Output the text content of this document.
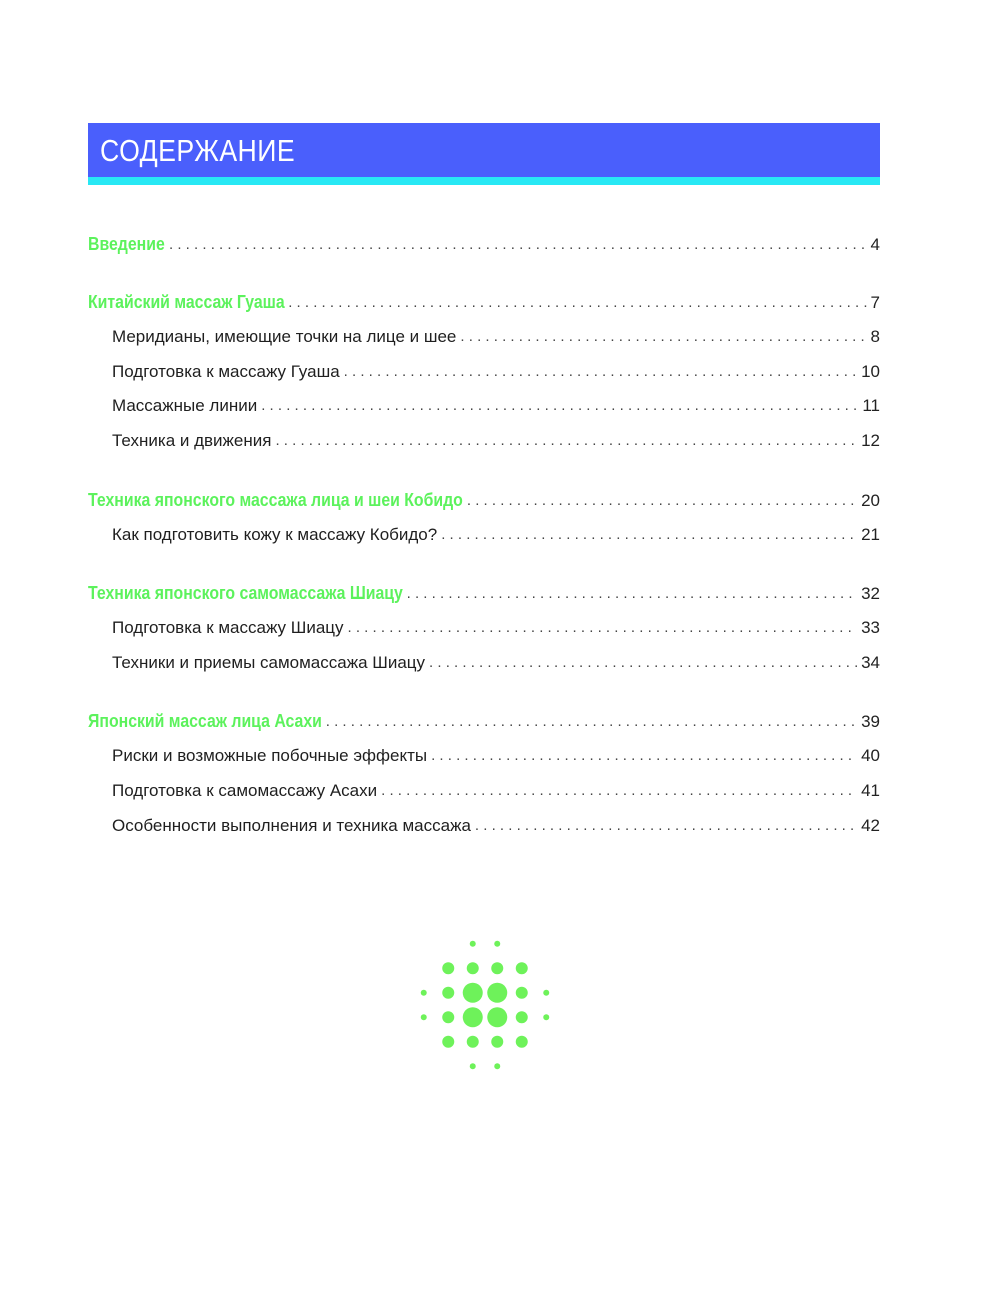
СОДЕРЖАНИЕ
Введение . . .	4
Китайский массаж Гуаша . . .	7
Меридианы, имеющие точки на лице и шее . . .	8
Подготовка к массажу Гуаша . . .	10
Массажные линии . . .	11
Техника и движения . . .	12
Техника японского массажа лица и шеи Кобидо . . .	20
Как подготовить кожу к массажу Кобидо? . . .	21
Техника японского самомассажа Шиацу . . .	32
Подготовка к массажу Шиацу . . .	33
Техники и приемы самомассажа Шиацу . . .	34
Японский массаж лица Асахи . . .	39
Риски и возможные побочные эффекты . . .	40
Подготовка к самомассажу Асахи . . .	41
Особенности выполнения и техника массажа . . .	42
